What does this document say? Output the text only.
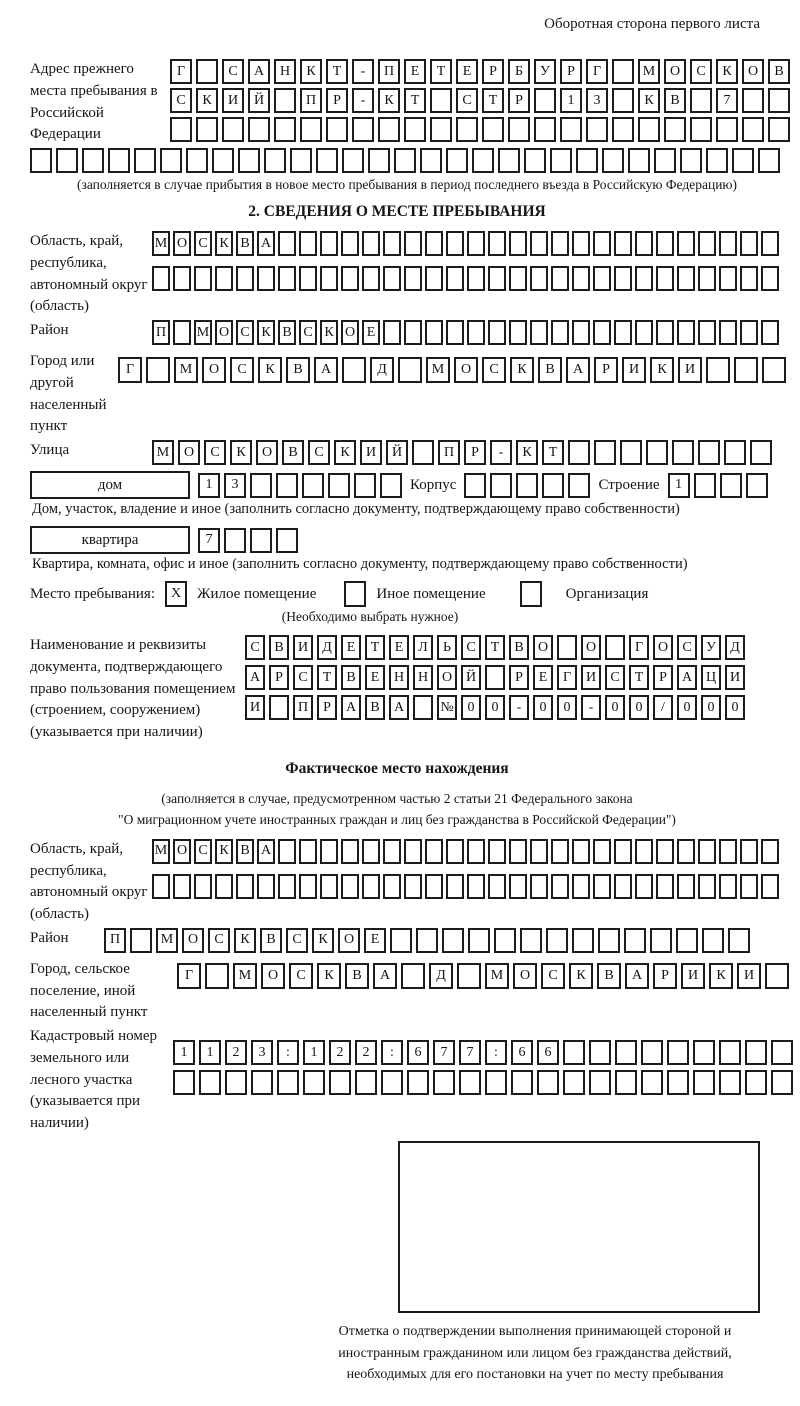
Оборотная сторона первого листа
Адрес прежнего места пребывания в Российской Федерации
Г	С	А	Н	К	Т	-	П	Е	Т	Е	Р	Б	У	Р	Г	М	О	С	К	О	В
С	К	И	Й	П	Р	-	К	Т	С	Т	Р	1	3	К	В	7
(заполняется в случае прибытия в новое место пребывания в период последнего въезда в Российскую Федерацию)
2. СВЕДЕНИЯ О МЕСТЕ ПРЕБЫВАНИЯ
Область, край, республика, автономный округ (область)
М О С К В А
Район	П М О С К В С К О Е
Город или другой населенный пункт
Г	М	О	С	К	В	А	Д	М	О	С	К	В	А	Р	И	К	И
Улица	М	О	С	К	О	В	С	К	И	Й	П	Р	-	К	Т
дом	1	3	Корпус	Строение	1
Дом, участок, владение и иное (заполнить согласно документу, подтверждающему право собственности)
квартира	7
Квартира, комната, офис и иное (заполнить согласно документу, подтверждающему право собственности)
Место пребывания:	X	Жилое помещение	Иное помещение	Организация
(Необходимо выбрать нужное)
Наименование и реквизиты документа, подтверждающего право пользования помещением (строением, сооружением) (указывается при наличии)
С	В	И	Д	Е	Т	Е	Л	Ь	С	Т	В	О	О	Г	О	С	У	Д
А	Р	С	Т	В	Е	Н Н О Й	Р	Е	Г	И	С	Т	Р	А Ц И
И	П	Р	А	В	А	№ 0	0	-	0	0	-	0	0	/	0	0	0
Фактическое место нахождения
(заполняется в случае, предусмотренном частью 2 статьи 21 Федерального закона
"О миграционном учете иностранных граждан и лиц без гражданства в Российской Федерации")
Область, край, республика, автономный округ (область)
М О С К В А
Район	П	М	О	С	К	В	С	К	О	Е
Город, сельское поселение, иной населенный пункт
Г	М	О	С	К	В	А	Д	М	О	С	К	В	А	Р	И	К	И
Кадастровый номер земельного или лесного участка (указывается при наличии)
1	1	2	3	:	1	2	2	:	6	7	7	:	6	6
Отметка о подтверждении выполнения принимающей стороной и иностранным гражданином или лицом без гражданства действий, необходимых для его постановки на учет по месту пребывания
